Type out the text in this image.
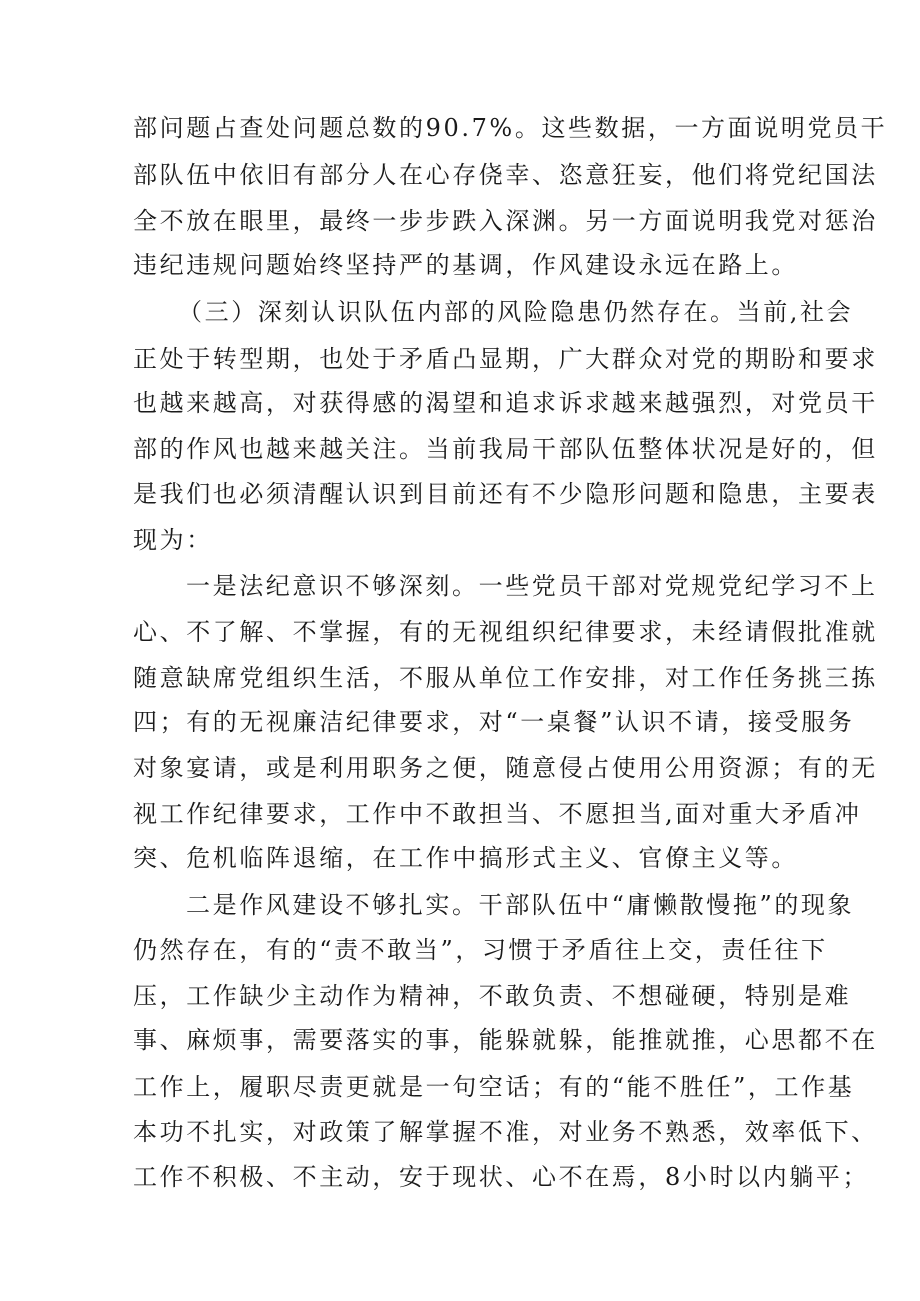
部问题占查处问题总数的90.7%。这些数据，一方面说明党员干
部队伍中依旧有部分人在心存侥幸、恣意狂妄，他们将党纪国法
全不放在眼里，最终一步步跌入深渊。另一方面说明我党对惩治
违纪违规问题始终坚持严的基调，作风建设永远在路上。
（三）深刻认识队伍内部的风险隐患仍然存在。当前,社会
正处于转型期，也处于矛盾凸显期，广大群众对党的期盼和要求
也越来越高，对获得感的渴望和追求诉求越来越强烈，对党员干
部的作风也越来越关注。当前我局干部队伍整体状况是好的，但
是我们也必须清醒认识到目前还有不少隐形问题和隐患，主要表
现为：
一是法纪意识不够深刻。一些党员干部对党规党纪学习不上
心、不了解、不掌握，有的无视组织纪律要求，未经请假批准就
随意缺席党组织生活，不服从单位工作安排，对工作任务挑三拣
四；有的无视廉洁纪律要求，对“一桌餐”认识不请，接受服务
对象宴请，或是利用职务之便，随意侵占使用公用资源；有的无
视工作纪律要求，工作中不敢担当、不愿担当,面对重大矛盾冲
突、危机临阵退缩，在工作中搞形式主义、官僚主义等。
二是作风建设不够扎实。干部队伍中“庸懒散慢拖”的现象
仍然存在，有的“责不敢当”，习惯于矛盾往上交，责任往下
压，工作缺少主动作为精神，不敢负责、不想碰硬，特别是难
事、麻烦事，需要落实的事，能躲就躲，能推就推，心思都不在
工作上，履职尽责更就是一句空话；有的“能不胜任”，工作基
本功不扎实，对政策了解掌握不准，对业务不熟悉，效率低下、
工作不积极、不主动，安于现状、心不在焉，8小时以内躺平；
